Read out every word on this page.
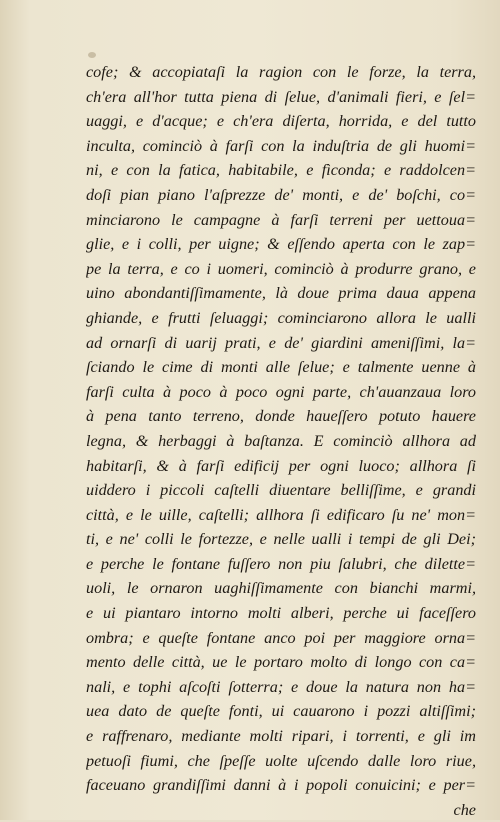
cofe; & accopiataſi la ragion con le forze, la terra,
ch'era all'hor tutta piena di ſelue, d'animali fieri, e ſel=
uaggi, e d'acque; e ch'era diſerta, horrida, e del tutto
inculta, cominciò à farſi con la induſtria de gli huomi=
ni, e con la fatica, habitabile, e fìconda; e raddolcen=
doſi pian piano l'aſprezze de' monti, e de' boſchi, co=
minciarono le campagne à farſi terreni per uettoua=
glie, e i colli, per uigne; & eſſendo aperta con le zap=
pe la terra, e co i uomeri, cominciò à produrre grano, e
uino abondantiſſimamente, là doue prima daua appena
ghiande, e frutti ſeluaggi; cominciarono allora le ualli
ad ornarſi di uarij prati, e de' giardini ameniſſimi, la=
ſciando le cime di monti alle ſelue; e talmente uenne à
farſi culta à poco à poco ogni parte, ch'auanzaua loro
à pena tanto terreno, donde haueſſero potuto hauere
legna, & herbaggi à baſtanza. E cominciò allhora ad
habitarſi, & à farſi edificij per ogni luoco; allhora ſi
uiddero i piccoli caſtelli diuentare belliſſime, e grandi
città, e le uille, caſtelli; allhora ſi edificaro ſu ne' mon=
ti, e ne' colli le fortezze, e nelle ualli i tempi de gli Dei;
e perche le fontane fuſſero non piu ſalubri, che dilette=
uoli, le ornaron uaghiſſimamente con bianchi marmi,
e ui piantaro intorno molti alberi, perche ui faceſſero
ombra; e queſte fontane anco poi per maggiore orna=
mento delle città, ue le portaro molto di longo con ca=
nali, e tophi aſcoſti ſotterra; e doue la natura non ha=
uea dato de queſte fonti, ui cauarono i pozzi altiſſimi;
e raffrenaro, mediante molti ripari, i torrenti, e gli im
petuoſi fiumi, che ſpeſſe uolte uſcendo dalle loro riue,
faceuano grandiſſimi danni à i popoli conuicini; e per=
che
